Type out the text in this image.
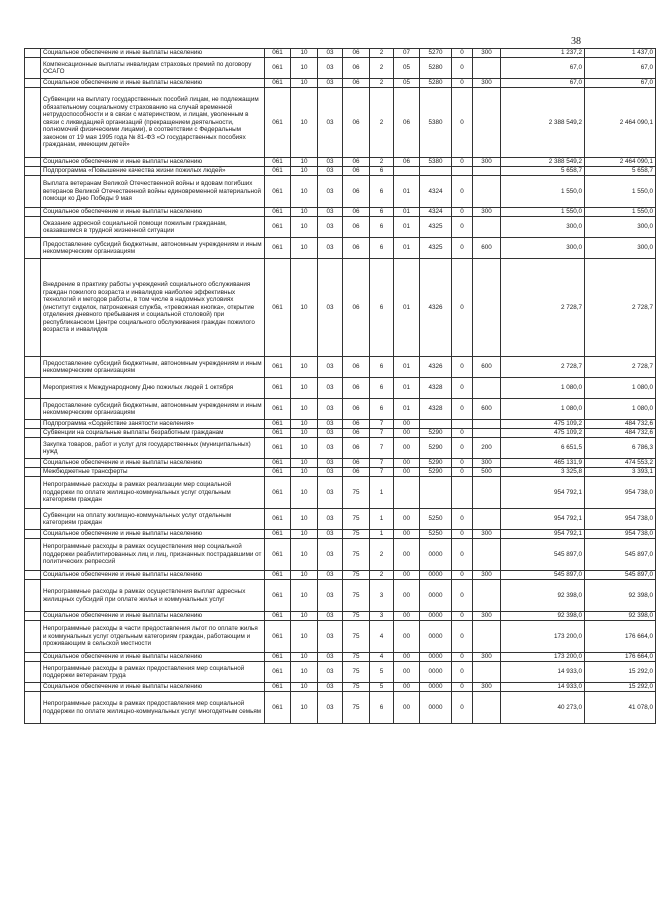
38
	Социальное обеспечение и иные выплаты населению	061	10	03	06	2	07	5270	0	300	1 237,2	1 437,0
	Компенсационные выплаты инвалидам страховых премий по договору ОСАГО	061	10	03	06	2	05	5280	0		67,0	67,0
	Социальное обеспечение и иные выплаты населению	061	10	03	06	2	05	5280	0	300	67,0	67,0
	Субвенции на выплату государственных пособий лицам, не подлежащим обязательному социальному страхованию на случай временной нетрудоспособности и в связи с материнством, и лицам, уволенным в связи с ликвидацией организаций (прекращением деятельности, полномочий физическими лицами), в соответствии с Федеральным законом от 19 мая 1995 года № 81-ФЗ «О государственных пособиях гражданам, имеющим детей»	061	10	03	06	2	06	5380	0		2 388 549,2	2 464 090,1
	Социальное обеспечение и иные выплаты населению	061	10	03	06	2	06	5380	0	300	2 388 549,2	2 464 090,1
	Подпрограмма «Повышение качества жизни пожилых людей»	061	10	03	06	6					5 658,7	5 658,7
	Выплата ветеранам Великой Отечественной войны и вдовам погибших ветеранов Великой Отечественной войны единовременной материальной помощи ко Дню Победы 9 мая	061	10	03	06	6	01	4324	0		1 550,0	1 550,0
	Социальное обеспечение и иные выплаты населению	061	10	03	06	6	01	4324	0	300	1 550,0	1 550,0
	Оказание адресной социальной помощи пожилым гражданам, оказавшимся в трудной жизненной ситуации	061	10	03	06	6	01	4325	0		300,0	300,0
	Предоставление субсидий бюджетным, автономным учреждениям и иным некоммерческим организациям	061	10	03	06	6	01	4325	0	600	300,0	300,0
	Внедрение в практику работы учреждений социального обслуживания граждан пожилого возраста и инвалидов наиболее эффективных технологий и методов работы, в том числе в надомных условиях (институт сиделок, патронажная служба, «тревожная кнопка», открытие отделения дневного пребывания и социальной столовой) при республиканском Центре социального обслуживания граждан пожилого возраста и инвалидов	061	10	03	06	6	01	4326	0		2 728,7	2 728,7
	Предоставление субсидий бюджетным, автономным учреждениям и иным некоммерческим организациям	061	10	03	06	6	01	4326	0	600	2 728,7	2 728,7
	Мероприятия к Международному Дню пожилых людей 1 октября	061	10	03	06	6	01	4328	0		1 080,0	1 080,0
	Предоставление субсидий бюджетным, автономным учреждениям и иным некоммерческим организациям	061	10	03	06	6	01	4328	0	600	1 080,0	1 080,0
	Подпрограмма «Содействие занятости населения»	061	10	03	06	7	00				475 109,2	484 732,6
	Субвенции на социальные выплаты безработным гражданам	061	10	03	06	7	00	5290	0		475 109,2	484 732,6
	Закупка товаров, работ и услуг для государственных (муниципальных) нужд	061	10	03	06	7	00	5290	0	200	6 651,5	6 786,3
	Социальное обеспечение и иные выплаты населению	061	10	03	06	7	00	5290	0	300	465 131,9	474 553,2
	Межбюджетные трансферты	061	10	03	06	7	00	5290	0	500	3 325,8	3 393,1
	Непрограммные расходы в рамках реализации мер социальной поддержки по оплате жилищно-коммунальных услуг отдельным категориям граждан	061	10	03	75	1					954 792,1	954 738,0
	Субвенции на оплату жилищно-коммунальных услуг отдельным категориям граждан	061	10	03	75	1	00	5250	0		954 792,1	954 738,0
	Социальное обеспечение и иные выплаты населению	061	10	03	75	1	00	5250	0	300	954 792,1	954 738,0
	Непрограммные расходы в рамках осуществления мер социальной поддержки реабилитированных лиц и лиц, признанных пострадавшими от политических репрессий	061	10	03	75	2	00	0000	0		545 897,0	545 897,0
	Социальное обеспечение и иные выплаты населению	061	10	03	75	2	00	0000	0	300	545 897,0	545 897,0
	Непрограммные расходы в рамках осуществления выплат адресных жилищных субсидий при оплате жилья и коммунальных услуг	061	10	03	75	3	00	0000	0		92 398,0	92 398,0
	Социальное обеспечение и иные выплаты населению	061	10	03	75	3	00	0000	0	300	92 398,0	92 398,0
	Непрограммные расходы в части предоставления льгот по оплате жилья и коммунальных услуг отдельным категориям граждан, работающим и проживающим в сельской местности	061	10	03	75	4	00	0000	0		173 200,0	176 664,0
	Социальное обеспечение и иные выплаты населению	061	10	03	75	4	00	0000	0	300	173 200,0	176 664,0
	Непрограммные расходы в рамках предоставления мер социальной поддержки ветеранам труда	061	10	03	75	5	00	0000	0		14 933,0	15 292,0
	Социальное обеспечение и иные выплаты населению	061	10	03	75	5	00	0000	0	300	14 933,0	15 292,0
	Непрограммные расходы в рамках предоставления мер социальной поддержки по оплате жилищно-коммунальных услуг многодетным семьям	061	10	03	75	6	00	0000	0		40 273,0	41 078,0
